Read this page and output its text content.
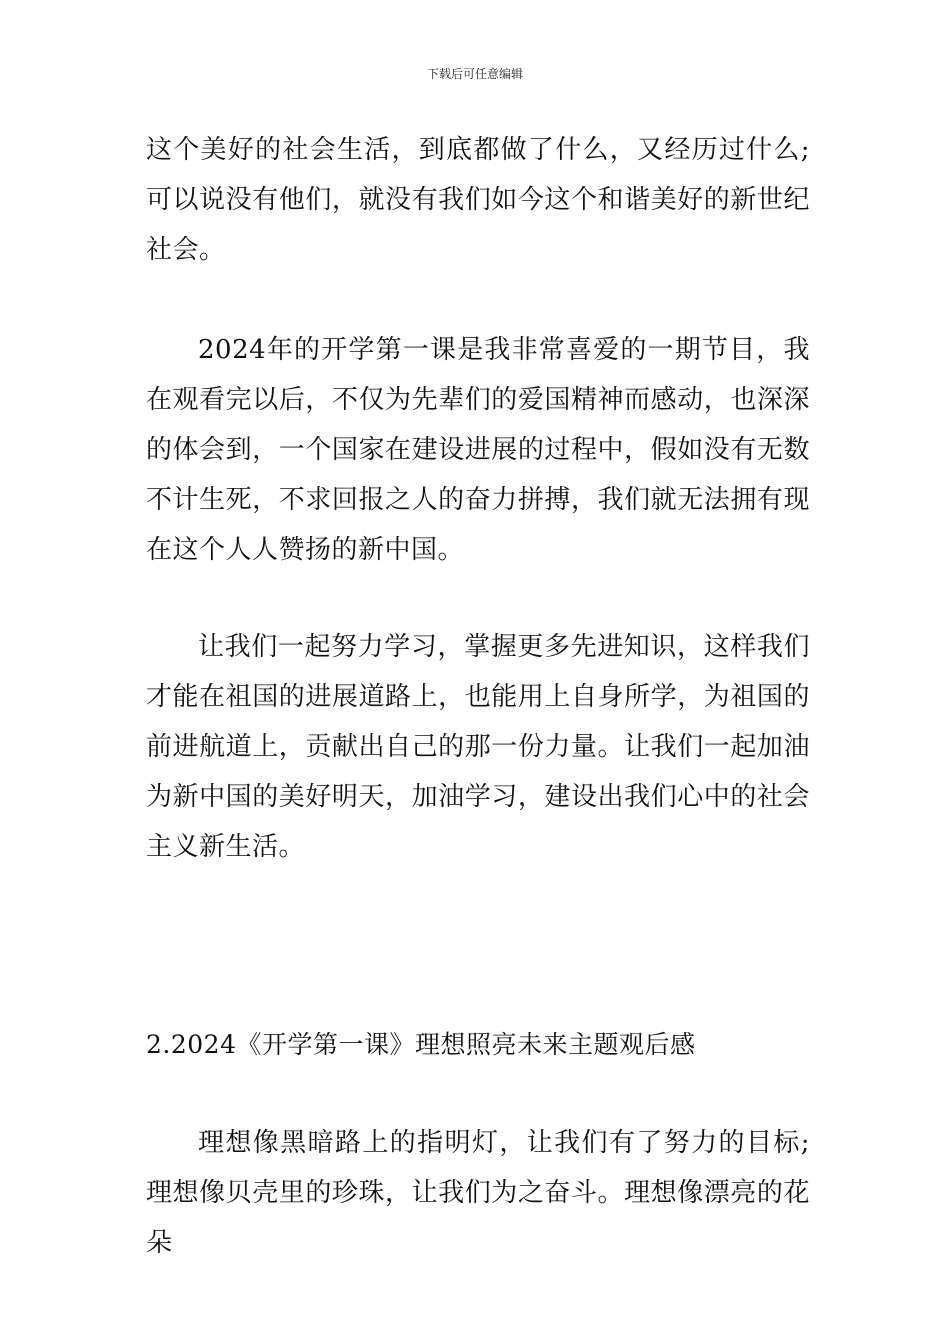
下载后可任意编辑

这个美好的社会生活，到底都做了什么，又经历过什么;可以说没有他们，就没有我们如今这个和谐美好的新世纪社会。

2024年的开学第一课是我非常喜爱的一期节目，我在观看完以后，不仅为先辈们的爱国精神而感动，也深深的体会到，一个国家在建设进展的过程中，假如没有无数不计生死，不求回报之人的奋力拼搏，我们就无法拥有现在这个人人赞扬的新中国。

让我们一起努力学习，掌握更多先进知识，这样我们才能在祖国的进展道路上，也能用上自身所学，为祖国的前进航道上，贡献出自己的那一份力量。让我们一起加油为新中国的美好明天，加油学习，建设出我们心中的社会主义新生活。

2.2024《开学第一课》理想照亮未来主题观后感

理想像黑暗路上的指明灯，让我们有了努力的目标;理想像贝壳里的珍珠，让我们为之奋斗。理想像漂亮的花朵
